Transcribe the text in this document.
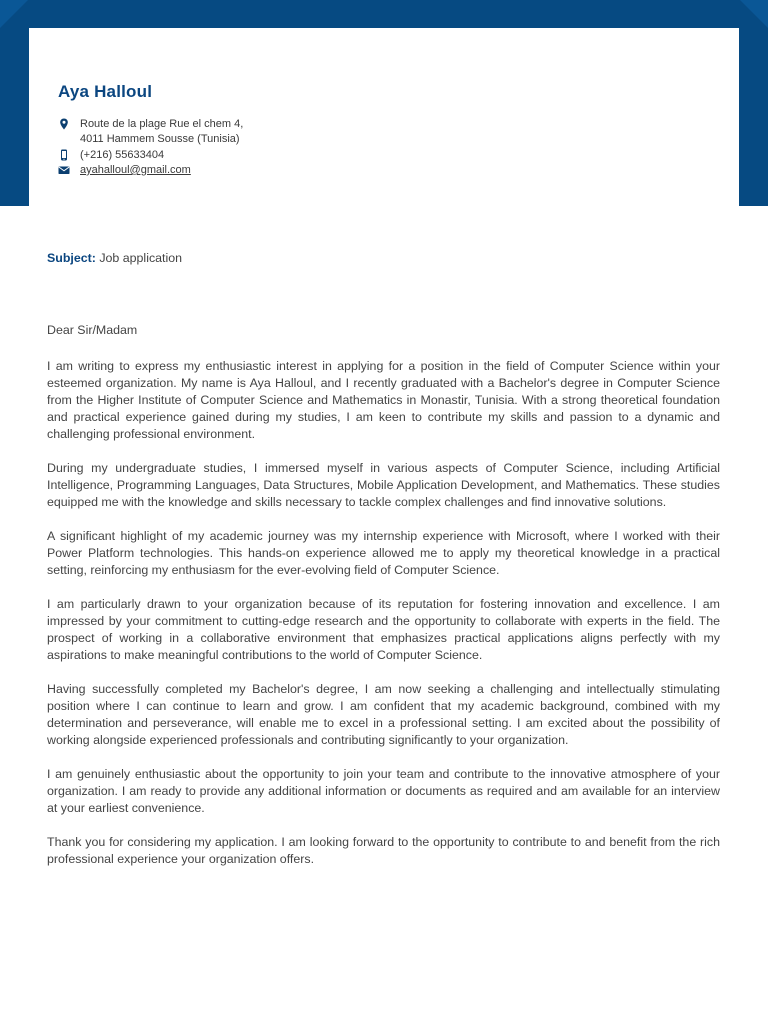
Aya Halloul
Route de la plage Rue el chem 4,
4011 Hammem Sousse (Tunisia)
(+216) 55633404
ayahalloul@gmail.com
Subject: Job application
Dear Sir/Madam

I am writing to express my enthusiastic interest in applying for a position in the field of Computer Science within your esteemed organization. My name is Aya Halloul, and I recently graduated with a Bachelor's degree in Computer Science from the Higher Institute of Computer Science and Mathematics in Monastir, Tunisia. With a strong theoretical foundation and practical experience gained during my studies, I am keen to contribute my skills and passion to a dynamic and challenging professional environment.

During my undergraduate studies, I immersed myself in various aspects of Computer Science, including Artificial Intelligence, Programming Languages, Data Structures, Mobile Application Development, and Mathematics. These studies equipped me with the knowledge and skills necessary to tackle complex challenges and find innovative solutions.

A significant highlight of my academic journey was my internship experience with Microsoft, where I worked with their Power Platform technologies. This hands-on experience allowed me to apply my theoretical knowledge in a practical setting, reinforcing my enthusiasm for the ever-evolving field of Computer Science.

I am particularly drawn to your organization because of its reputation for fostering innovation and excellence. I am impressed by your commitment to cutting-edge research and the opportunity to collaborate with experts in the field. The prospect of working in a collaborative environment that emphasizes practical applications aligns perfectly with my aspirations to make meaningful contributions to the world of Computer Science.

Having successfully completed my Bachelor's degree, I am now seeking a challenging and intellectually stimulating position where I can continue to learn and grow. I am confident that my academic background, combined with my determination and perseverance, will enable me to excel in a professional setting. I am excited about the possibility of working alongside experienced professionals and contributing significantly to your organization.

I am genuinely enthusiastic about the opportunity to join your team and contribute to the innovative atmosphere of your organization. I am ready to provide any additional information or documents as required and am available for an interview at your earliest convenience.

Thank you for considering my application. I am looking forward to the opportunity to contribute to and benefit from the rich professional experience your organization offers.
